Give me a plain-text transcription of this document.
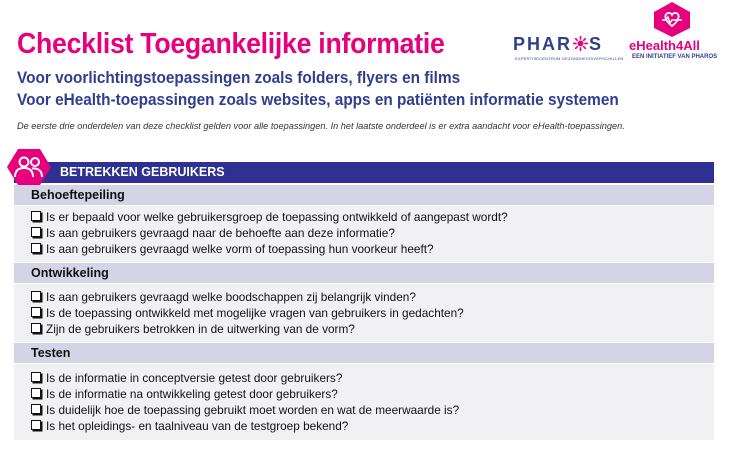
Checklist Toegankelijke informatie

Voor voorlichtingstoepassingen zoals folders, flyers en films

Voor eHealth-toepassingen zoals websites, apps en patiënten informatie systemen

De eerste drie onderdelen van deze checklist gelden voor alle toepassingen. In het laatste onderdeel is er extra aandacht voor eHealth-toepassingen.

PHAR S
EXPERTISECENTRUM GEZONDHEIDSVERSCHILLEN
eHealth4All
EEN INITIATIEF VAN PHAROS
BETREKKEN GEBRUIKERS
Behoeftepeiling
Is er bepaald voor welke gebruikersgroep de toepassing ontwikkeld of aangepast wordt?
Is aan gebruikers gevraagd naar de behoefte aan deze informatie?
Is aan gebruikers gevraagd welke vorm of toepassing hun voorkeur heeft?
Ontwikkeling
Is aan gebruikers gevraagd welke boodschappen zij belangrijk vinden?
Is de toepassing ontwikkeld met mogelijke vragen van gebruikers in gedachten?
Zijn de gebruikers betrokken in de uitwerking van de vorm?
Testen
Is de informatie in conceptversie getest door gebruikers?
Is de informatie na ontwikkeling getest door gebruikers?
Is duidelijk hoe de toepassing gebruikt moet worden en wat de meerwaarde is?
Is het opleidings- en taalniveau van de testgroep bekend?
